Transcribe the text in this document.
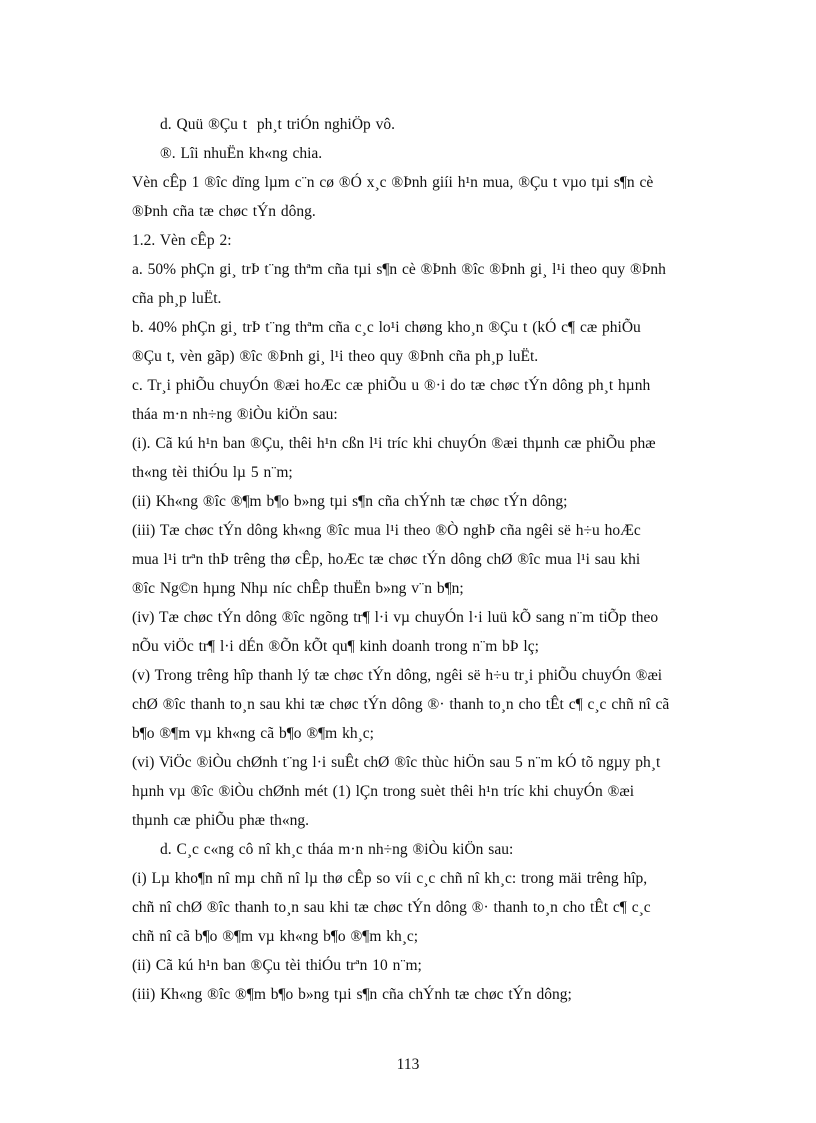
d. Quü ®Çu t  ph¸t triÓn nghiÖp vô.
®. Lîi nhuËn kh«ng chia.
Vèn cÊp 1 ®îc dïng lµm c¨n cø ®Ó x¸c ®Þnh giíi h¹n mua, ®Çu t vµo tµi s¶n cè
®Þnh cña tæ chøc tÝn dông.
1.2. Vèn cÊp 2:
a. 50% phÇn gi¸ trÞ t¨ng thªm cña tµi s¶n cè ®Þnh ®îc ®Þnh gi¸ l¹i theo quy ®Þnh
cña ph¸p luËt.
b. 40% phÇn gi¸ trÞ t¨ng thªm cña c¸c lo¹i chøng kho¸n ®Çu t (kÓ c¶ cæ phiÕu
®Çu t, vèn gãp) ®îc ®Þnh gi¸ l¹i theo quy ®Þnh cña ph¸p luËt.
c. Tr¸i phiÕu chuyÓn ®æi hoÆc cæ phiÕu u ®·i do tæ chøc tÝn dông ph¸t hµnh
tháa m·n nh÷ng ®iÒu kiÖn sau:
(i). Cã kú h¹n ban ®Çu, thêi h¹n cßn l¹i tríc khi chuyÓn ®æi thµnh cæ phiÕu phæ
th«ng tèi thiÓu lµ 5 n¨m;
(ii) Kh«ng ®îc ®¶m b¶o b»ng tµi s¶n cña chÝnh tæ chøc tÝn dông;
(iii) Tæ chøc tÝn dông kh«ng ®îc mua l¹i theo ®Ò nghÞ cña ngêi së h÷u hoÆc
mua l¹i trªn thÞ trêng thø cÊp, hoÆc tæ chøc tÝn dông chØ ®îc mua l¹i sau khi
®îc Ng©n hµng Nhµ níc chÊp thuËn b»ng v¨n b¶n;
(iv) Tæ chøc tÝn dông ®îc ngõng tr¶ l·i vµ chuyÓn l·i luü kÕ sang n¨m tiÕp theo
nÕu viÖc tr¶ l·i dÉn ®Õn kÕt qu¶ kinh doanh trong n¨m bÞ lç;
(v) Trong trêng hîp thanh lý tæ chøc tÝn dông, ngêi së h÷u tr¸i phiÕu chuyÓn ®æi
chØ ®îc thanh to¸n sau khi tæ chøc tÝn dông ®· thanh to¸n cho tÊt c¶ c¸c chñ nî cã
b¶o ®¶m vµ kh«ng cã b¶o ®¶m kh¸c;
(vi) ViÖc ®iÒu chØnh t¨ng l·i suÊt chØ ®îc thùc hiÖn sau 5 n¨m kÓ tõ ngµy ph¸t
hµnh vµ ®îc ®iÒu chØnh mét (1) lÇn trong suèt thêi h¹n tríc khi chuyÓn ®æi
thµnh cæ phiÕu phæ th«ng.
d. C¸c c«ng cô nî kh¸c tháa m·n nh÷ng ®iÒu kiÖn sau:
(i) Lµ kho¶n nî mµ chñ nî lµ thø cÊp so víi c¸c chñ nî kh¸c: trong mäi trêng hîp,
chñ nî chØ ®îc thanh to¸n sau khi tæ chøc tÝn dông ®· thanh to¸n cho tÊt c¶ c¸c
chñ nî cã b¶o ®¶m vµ kh«ng b¶o ®¶m kh¸c;
(ii) Cã kú h¹n ban ®Çu tèi thiÓu trªn 10 n¨m;
(iii) Kh«ng ®îc ®¶m b¶o b»ng tµi s¶n cña chÝnh tæ chøc tÝn dông;
113
